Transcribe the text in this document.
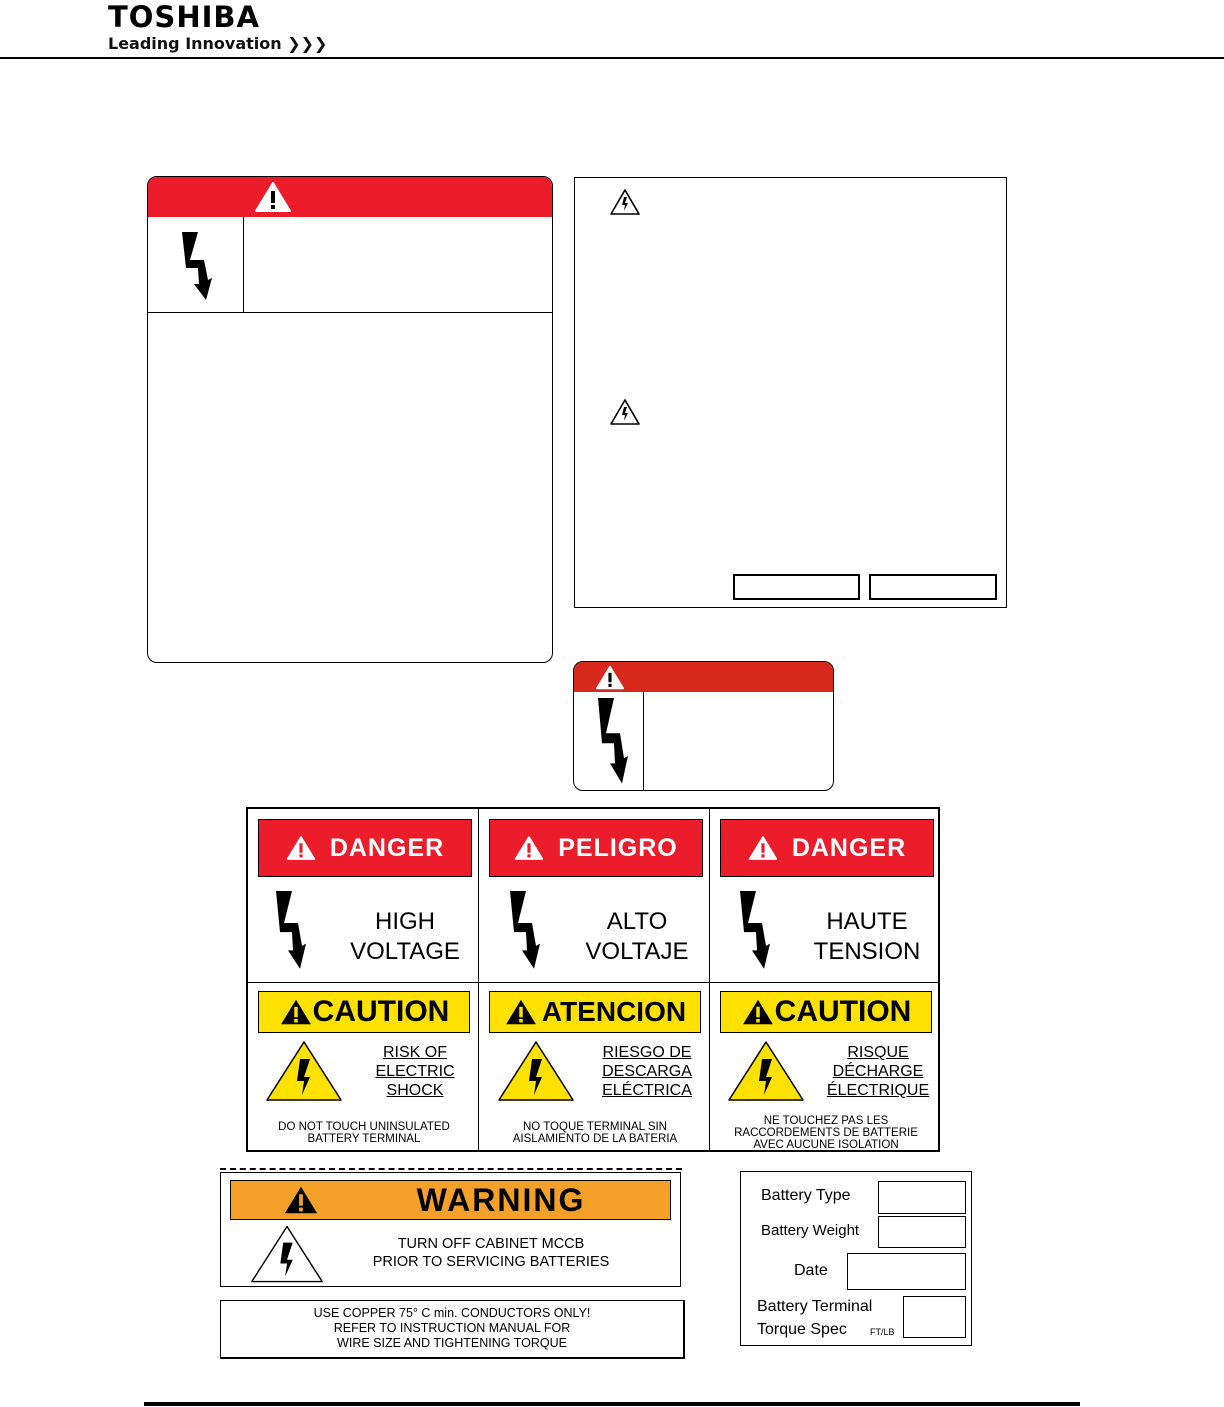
TOSHIBA
Leading Innovation ❯❯❯
DANGER
HIGH
VOLTAGE
PELIGRO
ALTO
VOLTAJE
DANGER
HAUTE
TENSION
CAUTION
RISK OF
ELECTRIC
SHOCK
DO NOT TOUCH UNINSULATED
BATTERY TERMINAL
ATENCION
RIESGO DE
DESCARGA
ELÉCTRICA
NO TOQUE TERMINAL SIN
AISLAMIENTO DE LA BATERIA
CAUTION
RISQUE
DÉCHARGE
ÉLECTRIQUE
NE TOUCHEZ PAS LES
RACCORDEMENTS DE BATTERIE
AVEC AUCUNE ISOLATION
WARNING
TURN OFF CABINET MCCB
PRIOR TO SERVICING BATTERIES
USE COPPER 75° C min. CONDUCTORS ONLY!
REFER TO INSTRUCTION MANUAL FOR
WIRE SIZE AND TIGHTENING TORQUE
Battery Type
Battery Weight
Date
Battery Terminal
Torque Spec	FT/LB
